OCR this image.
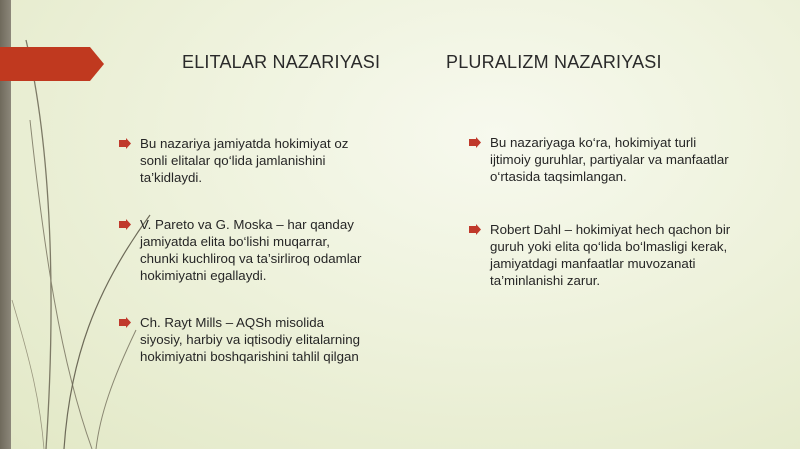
ELITALAR NAZARIYASI	PLURALIZM NAZARIYASI
Bu nazariya jamiyatda hokimiyat oz
sonli elitalar qo‘lida jamlanishini
ta’kidlaydi.
V. Pareto va G. Moska – har qanday
jamiyatda elita bo‘lishi muqarrar,
chunki kuchliroq va ta’sirliroq odamlar
hokimiyatni egallaydi.
Ch. Rayt Mills – AQSh misolida
siyosiy, harbiy va iqtisodiy elitalarning
hokimiyatni boshqarishini tahlil qilgan
Bu nazariyaga ko‘ra, hokimiyat turli
ijtimoiy guruhlar, partiyalar va manfaatlar
o‘rtasida taqsimlangan.
Robert Dahl – hokimiyat hech qachon bir
guruh yoki elita qo‘lida bo‘lmasligi kerak,
jamiyatdagi manfaatlar muvozanati
ta’minlanishi zarur.
